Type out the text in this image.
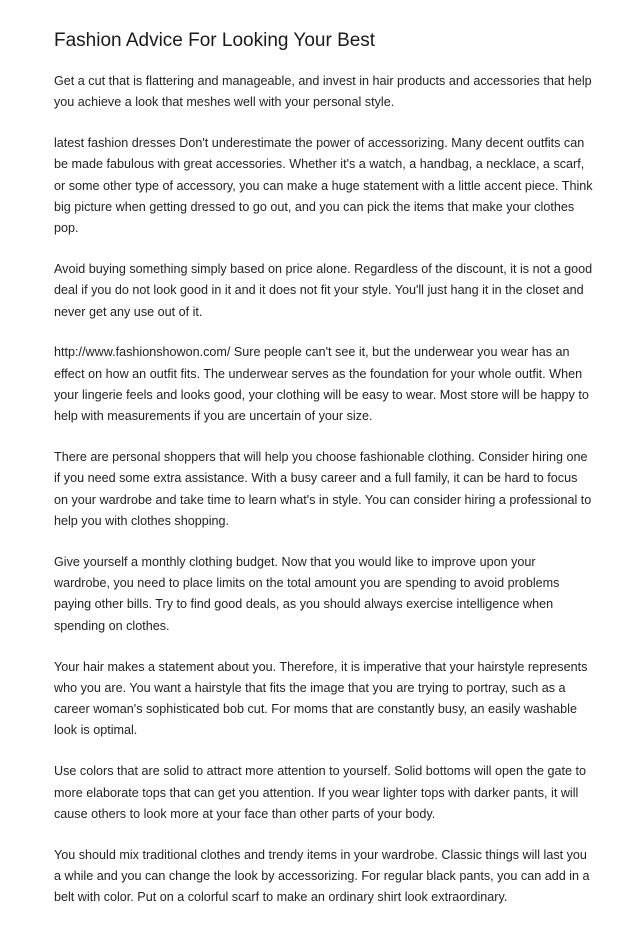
Fashion Advice For Looking Your Best

Get a cut that is flattering and manageable, and invest in hair products and accessories that help you achieve a look that meshes well with your personal style.

latest fashion dresses Don't underestimate the power of accessorizing. Many decent outfits can be made fabulous with great accessories. Whether it's a watch, a handbag, a necklace, a scarf, or some other type of accessory, you can make a huge statement with a little accent piece. Think big picture when getting dressed to go out, and you can pick the items that make your clothes pop.

Avoid buying something simply based on price alone. Regardless of the discount, it is not a good deal if you do not look good in it and it does not fit your style. You'll just hang it in the closet and never get any use out of it.

http://www.fashionshowon.com/ Sure people can't see it, but the underwear you wear has an effect on how an outfit fits. The underwear serves as the foundation for your whole outfit. When your lingerie feels and looks good, your clothing will be easy to wear. Most store will be happy to help with measurements if you are uncertain of your size.

There are personal shoppers that will help you choose fashionable clothing. Consider hiring one if you need some extra assistance. With a busy career and a full family, it can be hard to focus on your wardrobe and take time to learn what's in style. You can consider hiring a professional to help you with clothes shopping.

Give yourself a monthly clothing budget. Now that you would like to improve upon your wardrobe, you need to place limits on the total amount you are spending to avoid problems paying other bills. Try to find good deals, as you should always exercise intelligence when spending on clothes.

Your hair makes a statement about you. Therefore, it is imperative that your hairstyle represents who you are. You want a hairstyle that fits the image that you are trying to portray, such as a career woman's sophisticated bob cut. For moms that are constantly busy, an easily washable look is optimal.

Use colors that are solid to attract more attention to yourself. Solid bottoms will open the gate to more elaborate tops that can get you attention. If you wear lighter tops with darker pants, it will cause others to look more at your face than other parts of your body.

You should mix traditional clothes and trendy items in your wardrobe. Classic things will last you a while and you can change the look by accessorizing. For regular black pants, you can add in a belt with color. Put on a colorful scarf to make an ordinary shirt look extraordinary.
